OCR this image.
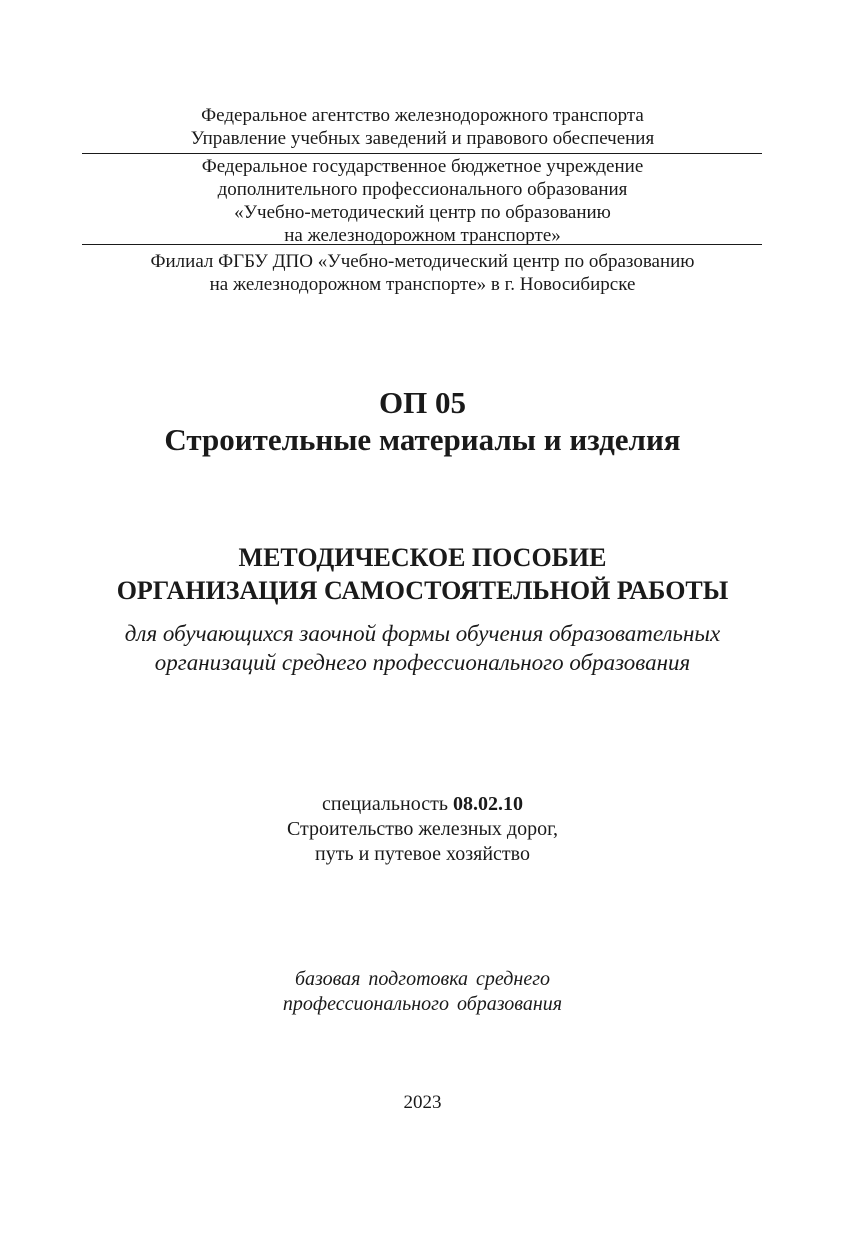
Федеральное агентство железнодорожного транспорта
Управление учебных заведений и правового обеспечения
Федеральное государственное бюджетное учреждение
дополнительного профессионального образования
«Учебно-методический центр по образованию
на железнодорожном транспорте»
Филиал ФГБУ ДПО «Учебно-методический центр по образованию
на железнодорожном транспорте» в г. Новосибирске
ОП 05
Строительные материалы и изделия
МЕТОДИЧЕСКОЕ ПОСОБИЕ
ОРГАНИЗАЦИЯ САМОСТОЯТЕЛЬНОЙ РАБОТЫ
для обучающихся заочной формы обучения образовательных
организаций среднего профессионального образования
специальность 08.02.10
Строительство железных дорог,
путь и путевое хозяйство
базовая подготовка среднего
профессионального образования
2023
